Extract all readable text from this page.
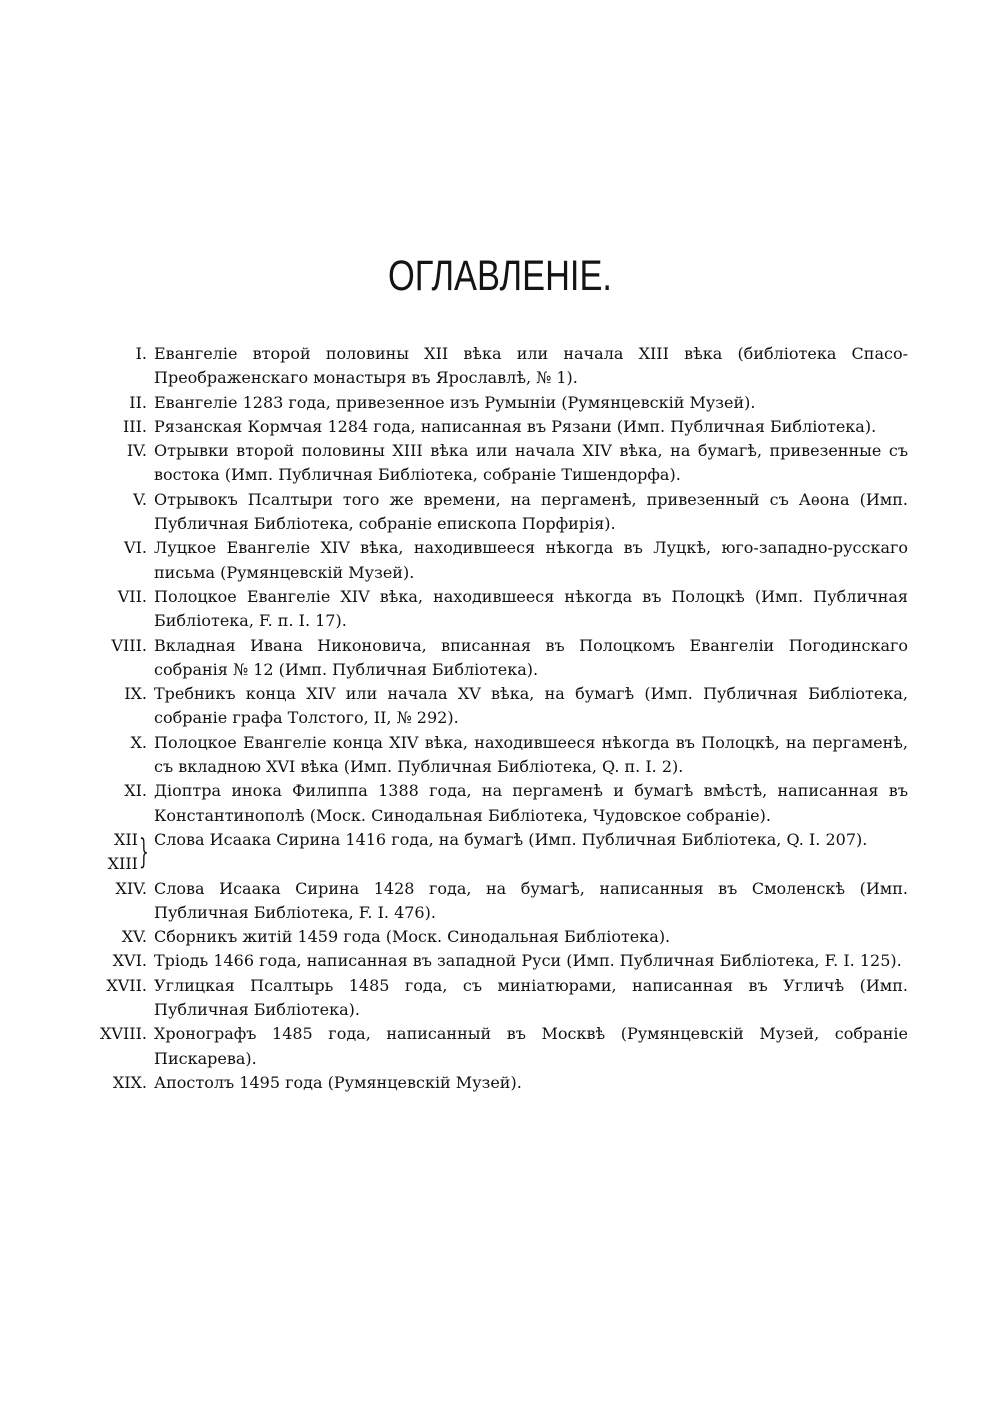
ОГЛАВЛЕНІЕ.
I. Евангеліе второй половины XII вѣка или начала XIII вѣка (библіотека Спасо-Преображенскаго монастыря въ Ярославлѣ, № 1).
II. Евангеліе 1283 года, привезенное изъ Румыніи (Румянцевскій Музей).
III. Рязанская Кормчая 1284 года, написанная въ Рязани (Имп. Публичная Библіотека).
IV. Отрывки второй половины XIII вѣка или начала XIV вѣка, на бумагѣ, привезенные съ востока (Имп. Публичная Библіотека, собраніе Тишендорфа).
V. Отрывокъ Псалтыри того же времени, на пергаменѣ, привезенный съ Аѳона (Имп. Публичная Библіотека, собраніе епископа Порфирія).
VI. Луцкое Евангеліе XIV вѣка, находившееся нѣкогда въ Луцкѣ, юго-западно-русскаго письма (Румянцевскій Музей).
VII. Полоцкое Евангеліе XIV вѣка, находившееся нѣкогда въ Полоцкѣ (Имп. Публичная Библіотека, F. п. I. 17).
VIII. Вкладная Ивана Никоновича, вписанная въ Полоцкомъ Евангеліи Погодинскаго собранія № 12 (Имп. Публичная Библіотека).
IX. Требникъ конца XIV или начала XV вѣка, на бумагѣ (Имп. Публичная Библіотека, собраніе графа Толстого, II, № 292).
X. Полоцкое Евангеліе конца XIV вѣка, находившееся нѣкогда въ Полоцкѣ, на пергаменѣ, съ вкладною XVI вѣка (Имп. Публичная Библіотека, Q. п. I. 2).
XI. Діоптра инока Филиппа 1388 года, на пергаменѣ и бумагѣ вмѣстѣ, написанная въ Константинополѣ (Моск. Синодальная Библіотека, Чудовское собраніе).
XII
XIII } Слова Исаака Сирина 1416 года, на бумагѣ (Имп. Публичная Библіотека, Q. I. 207).
XIV. Слова Исаака Сирина 1428 года, на бумагѣ, написанныя въ Смоленскѣ (Имп. Публичная Библіотека, F. I. 476).
XV. Сборникъ житій 1459 года (Моск. Синодальная Библіотека).
XVI. Тріодь 1466 года, написанная въ западной Руси (Имп. Публичная Библіотека, F. I. 125).
XVII. Углицкая Псалтырь 1485 года, съ миніатюрами, написанная въ Угличѣ (Имп. Публичная Библіотека).
XVIII. Хронографъ 1485 года, написанный въ Москвѣ (Румянцевскій Музей, собраніе Пискарева).
XIX. Апостолъ 1495 года (Румянцевскій Музей).
